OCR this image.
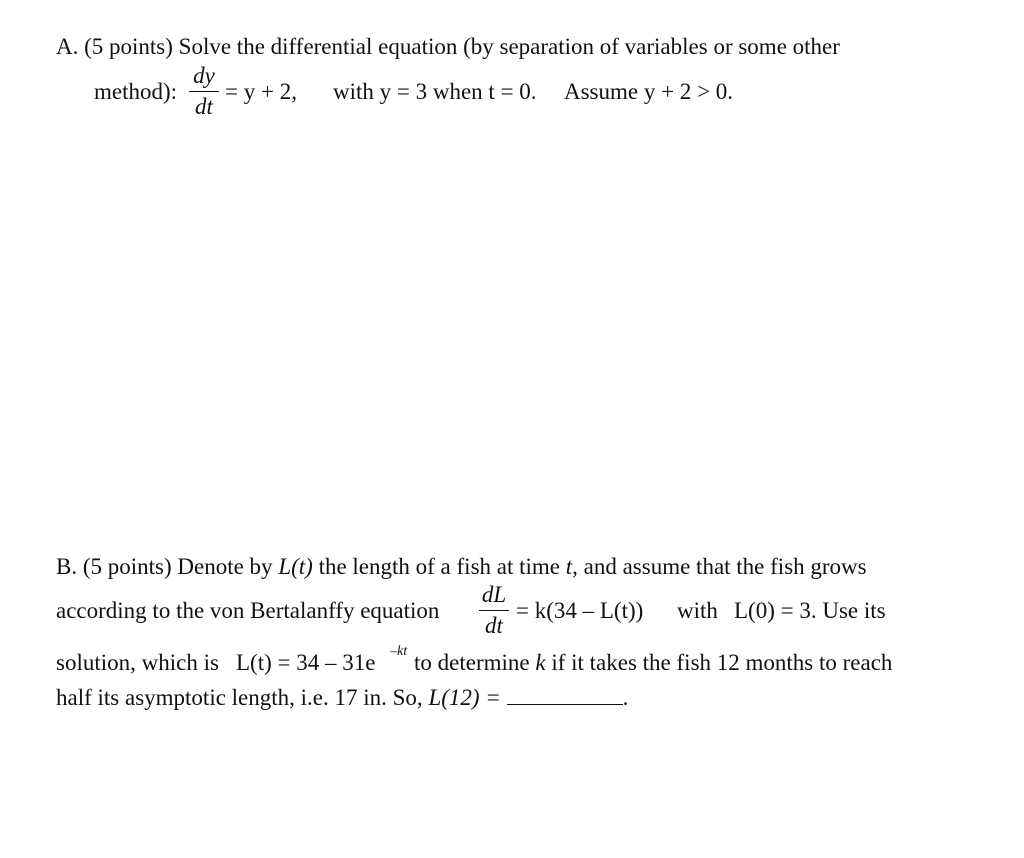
A. (5 points) Solve the differential equation (by separation of variables or some other
method):
dy
dt
= y + 2, with y = 3 when t = 0. Assume y + 2 > 0.
B. (5 points) Denote by L(t) the length of a fish at time t, and assume that the fish grows
according to the von Bertalanffy equation
dL
dt
= k(34 – L(t)) with L(0) = 3. Use its
solution, which is L(t) = 34 – 31e –kt to determine k if it takes the fish 12 months to reach
half its asymptotic length, i.e. 17 in. So, L(12) =	.
